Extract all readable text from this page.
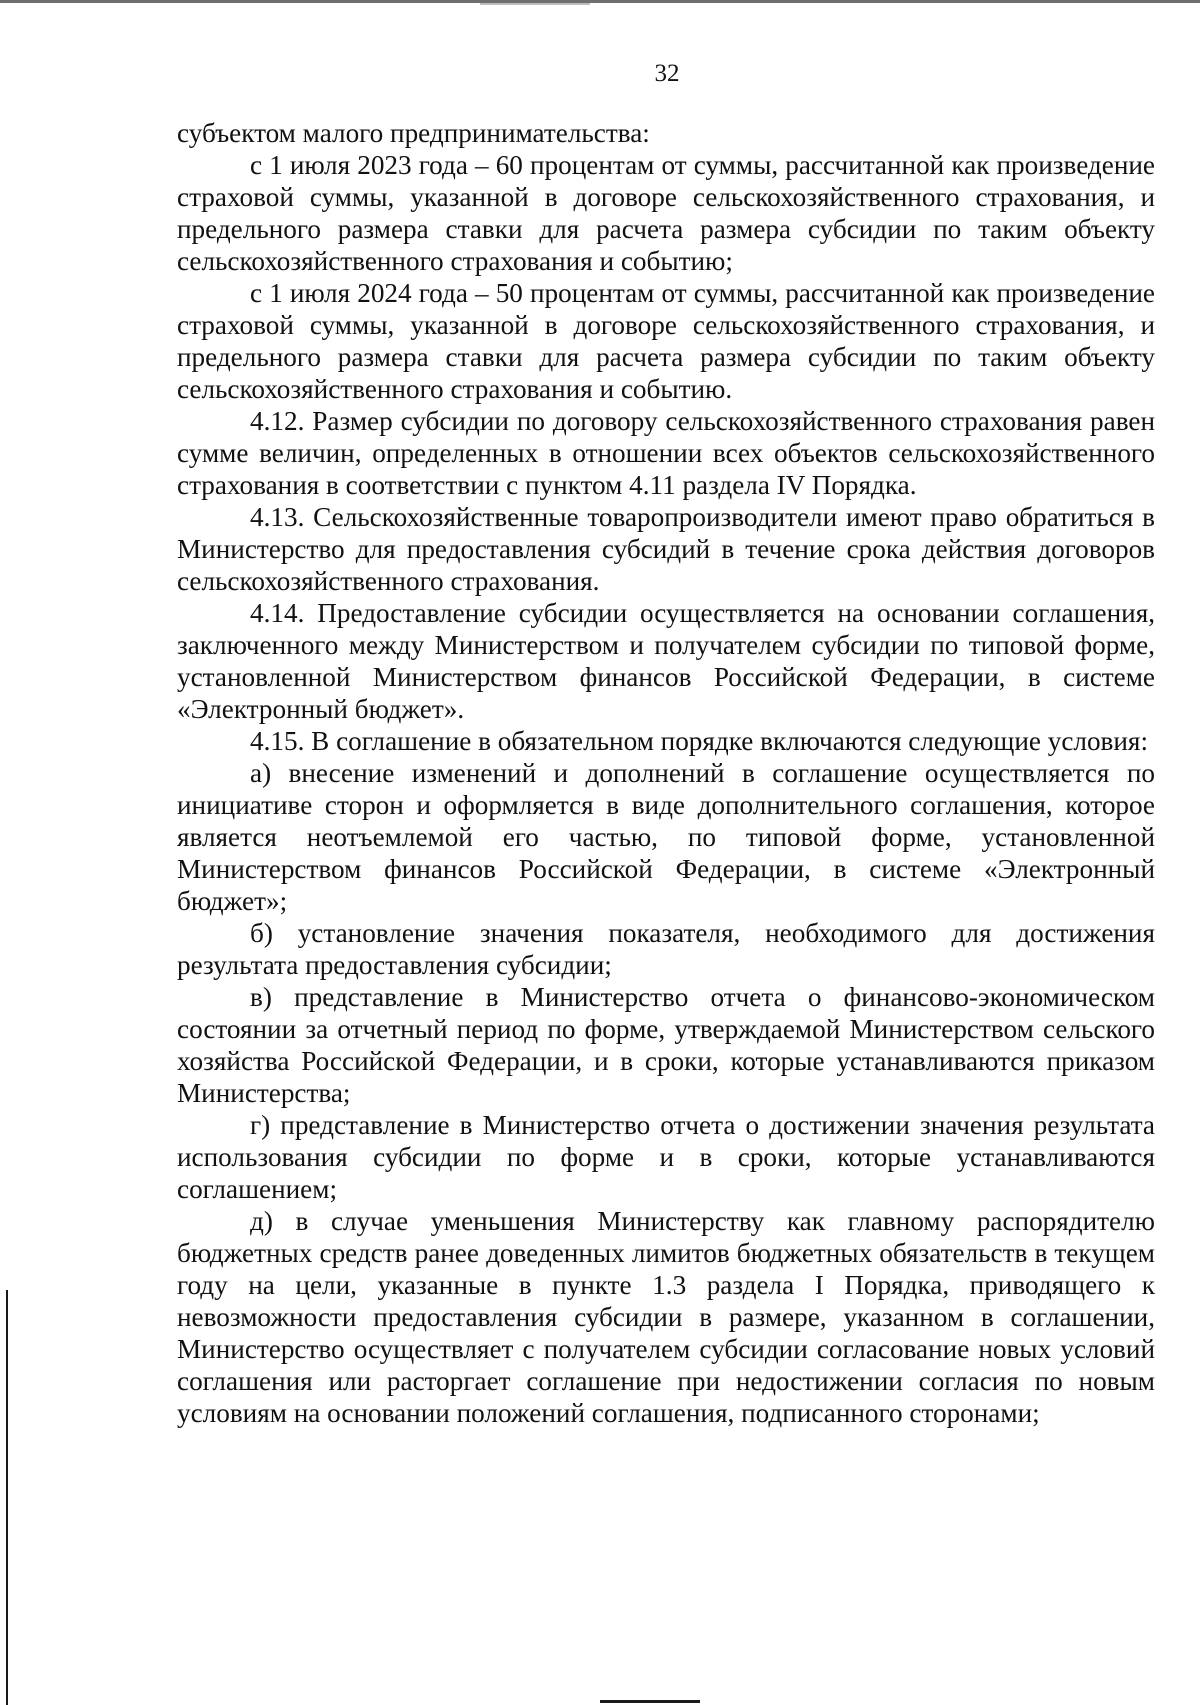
32

субъектом малого предпринимательства:

с 1 июля 2023 года – 60 процентам от суммы, рассчитанной как произведение страховой суммы, указанной в договоре сельскохозяйственного страхования, и предельного размера ставки для расчета размера субсидии по таким объекту сельскохозяйственного страхования и событию;

с 1 июля 2024 года – 50 процентам от суммы, рассчитанной как произведение страховой суммы, указанной в договоре сельскохозяйственного страхования, и предельного размера ставки для расчета размера субсидии по таким объекту сельскохозяйственного страхования и событию.

4.12. Размер субсидии по договору сельскохозяйственного страхования равен сумме величин, определенных в отношении всех объектов сельскохозяйственного страхования в соответствии с пунктом 4.11 раздела IV Порядка.

4.13. Сельскохозяйственные товаропроизводители имеют право обратиться в Министерство для предоставления субсидий в течение срока действия договоров сельскохозяйственного страхования.

4.14. Предоставление субсидии осуществляется на основании соглашения, заключенного между Министерством и получателем субсидии по типовой форме, установленной Министерством финансов Российской Федерации, в системе «Электронный бюджет».

4.15. В соглашение в обязательном порядке включаются следующие условия:

а) внесение изменений и дополнений в соглашение осуществляется по инициативе сторон и оформляется в виде дополнительного соглашения, которое является неотъемлемой его частью, по типовой форме, установленной Министерством финансов Российской Федерации, в системе «Электронный бюджет»;

б) установление значения показателя, необходимого для достижения результата предоставления субсидии;

в) представление в Министерство отчета о финансово-экономическом состоянии за отчетный период по форме, утверждаемой Министерством сельского хозяйства Российской Федерации, и в сроки, которые устанавливаются приказом Министерства;

г) представление в Министерство отчета о достижении значения результата использования субсидии по форме и в сроки, которые устанавливаются соглашением;

д) в случае уменьшения Министерству как главному распорядителю бюджетных средств ранее доведенных лимитов бюджетных обязательств в текущем году на цели, указанные в пункте 1.3 раздела I Порядка, приводящего к невозможности предоставления субсидии в размере, указанном в соглашении, Министерство осуществляет с получателем субсидии согласование новых условий соглашения или расторгает соглашение при недостижении согласия по новым условиям на основании положений соглашения, подписанного сторонами;
